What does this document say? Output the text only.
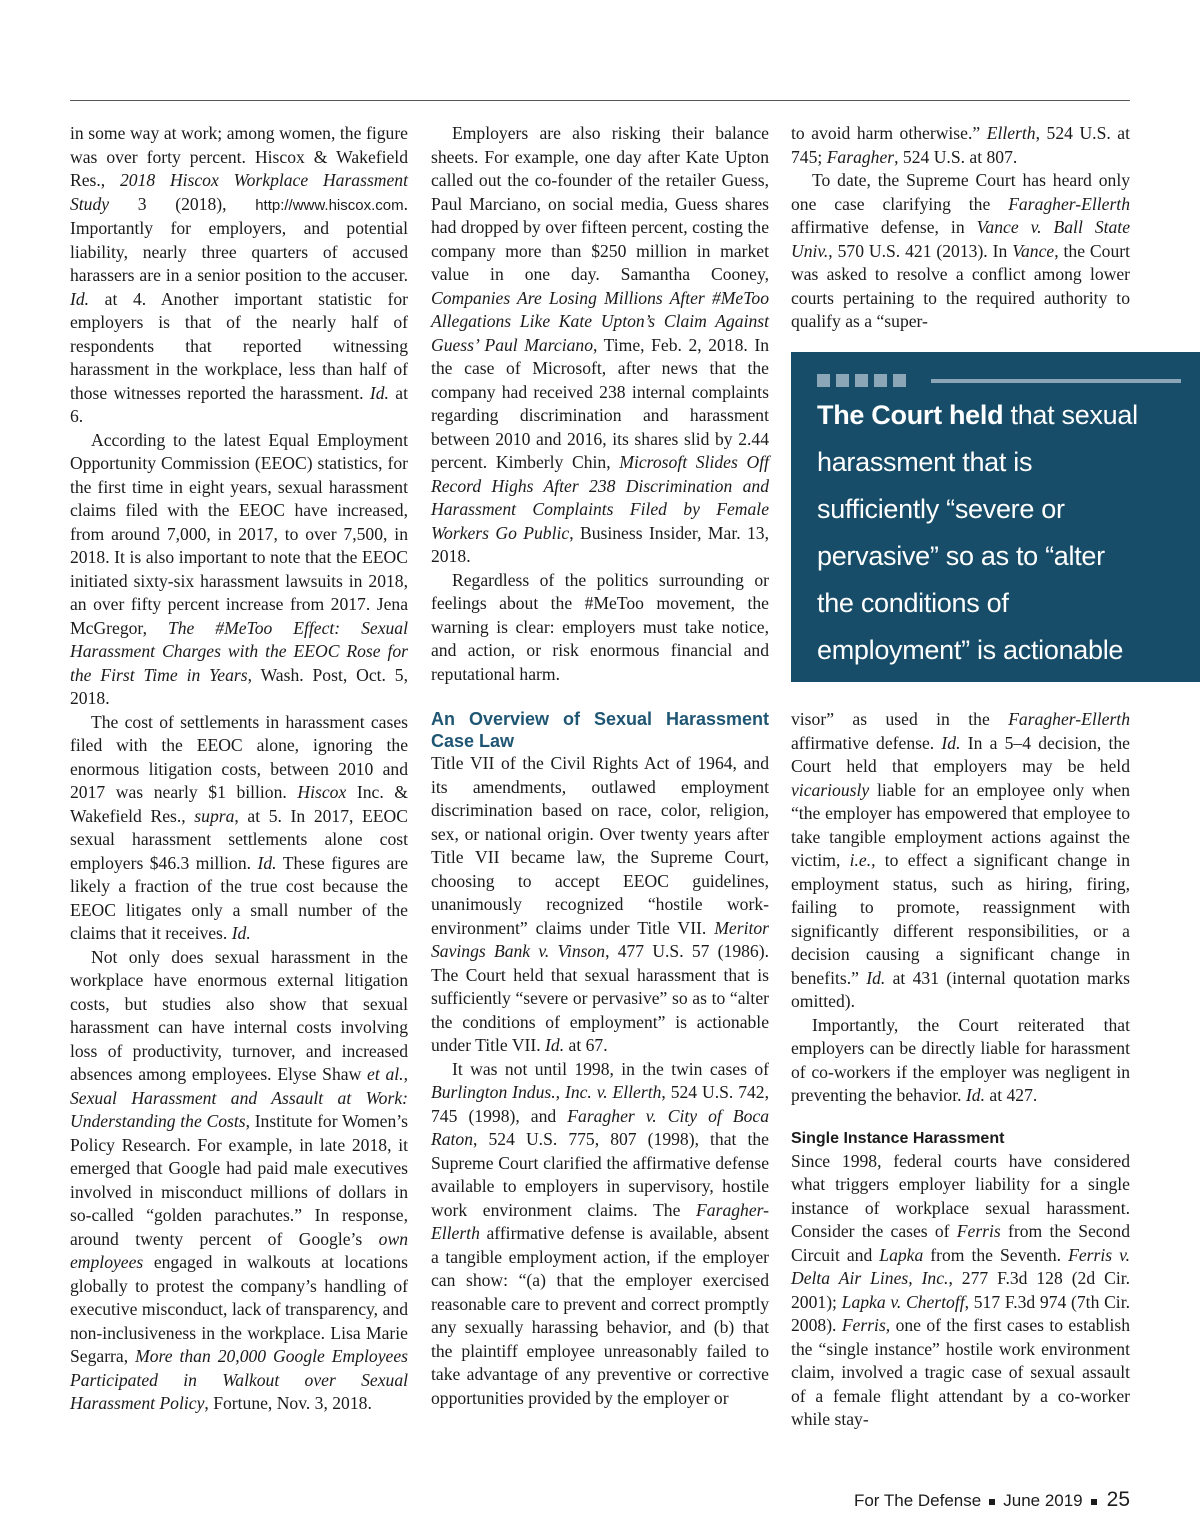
in some way at work; among women, the figure was over forty percent. Hiscox & Wakefield Res., 2018 Hiscox Workplace Harassment Study 3 (2018), http://www.hiscox.com. Importantly for employers, and potential liability, nearly three quarters of accused harassers are in a senior position to the accuser. Id. at 4. Another important statistic for employers is that of the nearly half of respondents that reported witnessing harassment in the workplace, less than half of those witnesses reported the harassment. Id. at 6.

According to the latest Equal Employment Opportunity Commission (EEOC) statistics, for the first time in eight years, sexual harassment claims filed with the EEOC have increased, from around 7,000, in 2017, to over 7,500, in 2018. It is also important to note that the EEOC initiated sixty-six harassment lawsuits in 2018, an over fifty percent increase from 2017. Jena McGregor, The #MeToo Effect: Sexual Harassment Charges with the EEOC Rose for the First Time in Years, Wash. Post, Oct. 5, 2018.

The cost of settlements in harassment cases filed with the EEOC alone, ignoring the enormous litigation costs, between 2010 and 2017 was nearly $1 billion. Hiscox Inc. & Wakefield Res., supra, at 5. In 2017, EEOC sexual harassment settlements alone cost employers $46.3 million. Id. These figures are likely a fraction of the true cost because the EEOC litigates only a small number of the claims that it receives. Id.

Not only does sexual harassment in the workplace have enormous external litigation costs, but studies also show that sexual harassment can have internal costs involving loss of productivity, turnover, and increased absences among employees. Elyse Shaw et al., Sexual Harassment and Assault at Work: Understanding the Costs, Institute for Women’s Policy Research. For example, in late 2018, it emerged that Google had paid male executives involved in misconduct millions of dollars in so-called “golden parachutes.” In response, around twenty percent of Google’s own employees engaged in walkouts at locations globally to protest the company’s handling of executive misconduct, lack of transparency, and non-inclusiveness in the workplace. Lisa Marie Segarra, More than 20,000 Google Employees Participated in Walkout over Sexual Harassment Policy, Fortune, Nov. 3, 2018.

Employers are also risking their balance sheets. For example, one day after Kate Upton called out the co-founder of the retailer Guess, Paul Marciano, on social media, Guess shares had dropped by over fifteen percent, costing the company more than $250 million in market value in one day. Samantha Cooney, Companies Are Losing Millions After #MeToo Allegations Like Kate Upton’s Claim Against Guess’ Paul Marciano, Time, Feb. 2, 2018. In the case of Microsoft, after news that the company had received 238 internal complaints regarding discrimination and harassment between 2010 and 2016, its shares slid by 2.44 percent. Kimberly Chin, Microsoft Slides Off Record Highs After 238 Discrimination and Harassment Complaints Filed by Female Workers Go Public, Business Insider, Mar. 13, 2018.

Regardless of the politics surrounding or feelings about the #MeToo movement, the warning is clear: employers must take notice, and action, or risk enormous financial and reputational harm.

An Overview of Sexual Harassment Case Law

Title VII of the Civil Rights Act of 1964, and its amendments, outlawed employment discrimination based on race, color, religion, sex, or national origin. Over twenty years after Title VII became law, the Supreme Court, choosing to accept EEOC guidelines, unanimously recognized “hostile work-environment” claims under Title VII. Meritor Savings Bank v. Vinson, 477 U.S. 57 (1986). The Court held that sexual harassment that is sufficiently “severe or pervasive” so as to “alter the conditions of employment” is actionable under Title VII. Id. at 67.

It was not until 1998, in the twin cases of Burlington Indus., Inc. v. Ellerth, 524 U.S. 742, 745 (1998), and Faragher v. City of Boca Raton, 524 U.S. 775, 807 (1998), that the Supreme Court clarified the affirmative defense available to employers in supervisory, hostile work environment claims. The Faragher-Ellerth affirmative defense is available, absent a tangible employment action, if the employer can show: “(a) that the employer exercised reasonable care to prevent and correct promptly any sexually harassing behavior, and (b) that the plaintiff employee unreasonably failed to take advantage of any preventive or corrective opportunities provided by the employer or

to avoid harm otherwise.” Ellerth, 524 U.S. at 745; Faragher, 524 U.S. at 807.

To date, the Supreme Court has heard only one case clarifying the Faragher-Ellerth affirmative defense, in Vance v. Ball State Univ., 570 U.S. 421 (2013). In Vance, the Court was asked to resolve a conflict among lower courts pertaining to the required authority to qualify as a “super-

The Court held that sexual harassment that is sufficiently “severe or pervasive” so as to “alter the conditions of employment” is actionable under Title VII.

visor” as used in the Faragher-Ellerth affirmative defense. Id. In a 5–4 decision, the Court held that employers may be held vicariously liable for an employee only when “the employer has empowered that employee to take tangible employment actions against the victim, i.e., to effect a significant change in employment status, such as hiring, firing, failing to promote, reassignment with significantly different responsibilities, or a decision causing a significant change in benefits.” Id. at 431 (internal quotation marks omitted).

Importantly, the Court reiterated that employers can be directly liable for harassment of co-workers if the employer was negligent in preventing the behavior. Id. at 427.

Single Instance Harassment

Since 1998, federal courts have considered what triggers employer liability for a single instance of workplace sexual harassment. Consider the cases of Ferris from the Second Circuit and Lapka from the Seventh. Ferris v. Delta Air Lines, Inc., 277 F.3d 128 (2d Cir. 2001); Lapka v. Chertoff, 517 F.3d 974 (7th Cir. 2008). Ferris, one of the first cases to establish the “single instance” hostile work environment claim, involved a tragic case of sexual assault of a female flight attendant by a co-worker while stay-

For The Defense June 2019 25
